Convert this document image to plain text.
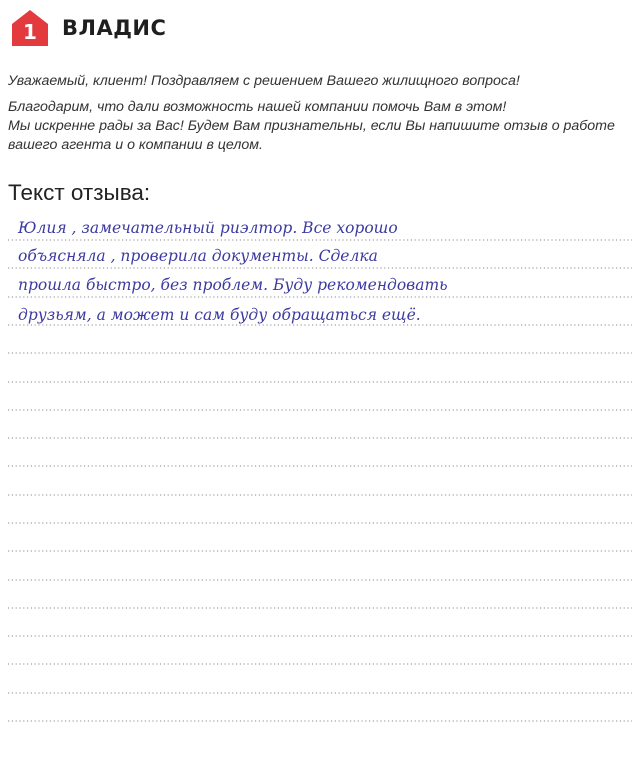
1 ВЛАДИС

Уважаемый, клиент! Поздравляем с решением Вашего жилищного вопроса!

Благодарим, что дали возможность нашей компании помочь Вам в этом!

Мы искренне рады за Вас! Будем Вам признательны, если Вы напишите отзыв о работе

вашего агента и о компании в целом.

Текст отзыва:
Юлия , замечательный риэлтор. Все хорошо
объясняла , проверила документы. Сделка
прошла быстро, без проблем. Буду рекомендовать
друзьям, а может и сам буду обращаться ещё.
